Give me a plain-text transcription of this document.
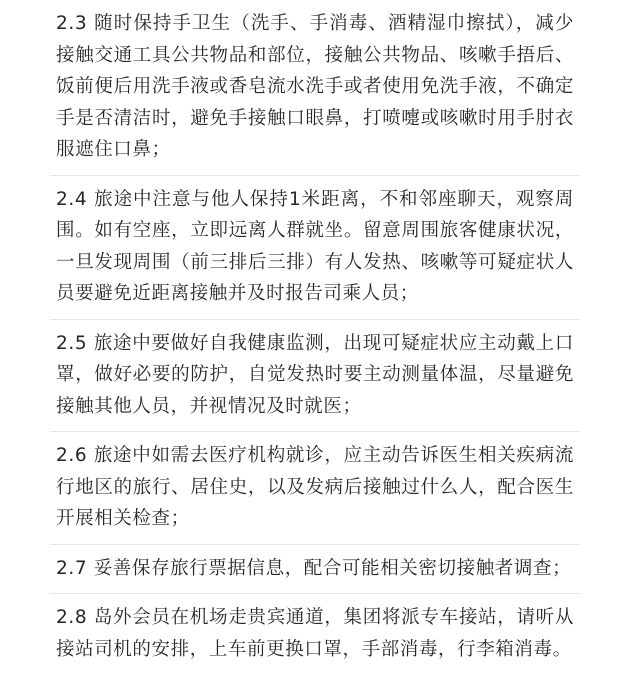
2.3 随时保持手卫生（洗手、手消毒、酒精湿巾擦拭），减少接触交通工具公共物品和部位，接触公共物品、咳嗽手捂后、饭前便后用洗手液或香皂流水洗手或者使用免洗手液，不确定手是否清洁时，避免手接触口眼鼻，打喷嚏或咳嗽时用手肘衣服遮住口鼻；

2.4 旅途中注意与他人保持1米距离，不和邻座聊天，观察周围。如有空座，立即远离人群就坐。留意周围旅客健康状况，一旦发现周围（前三排后三排）有人发热、咳嗽等可疑症状人员要避免近距离接触并及时报告司乘人员；

2.5 旅途中要做好自我健康监测，出现可疑症状应主动戴上口罩，做好必要的防护，自觉发热时要主动测量体温，尽量避免接触其他人员，并视情况及时就医；

2.6 旅途中如需去医疗机构就诊，应主动告诉医生相关疾病流行地区的旅行、居住史，以及发病后接触过什么人，配合医生开展相关检查；

2.7 妥善保存旅行票据信息，配合可能相关密切接触者调查；

2.8 岛外会员在机场走贵宾通道，集团将派专车接站，请听从接站司机的安排，上车前更换口罩，手部消毒，行李箱消毒。
